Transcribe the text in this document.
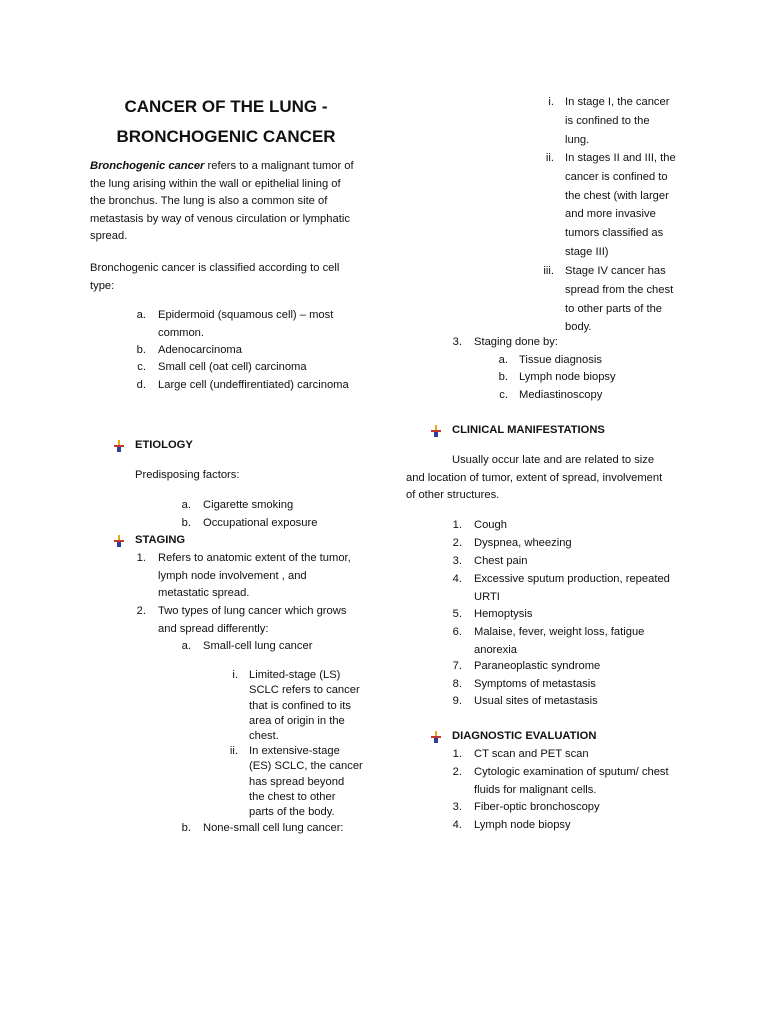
CANCER OF THE LUNG -
BRONCHOGENIC CANCER
Bronchogenic cancer refers to a malignant tumor of
the lung arising within the wall or epithelial lining of
the bronchus. The lung is also a common site of
metastasis by way of venous circulation or lymphatic
spread.
Bronchogenic cancer is classified according to cell
type:
a. Epidermoid (squamous cell) – most
common.
b. Adenocarcinoma
c. Small cell (oat cell) carcinoma
d. Large cell (undeffirentiated) carcinoma
ETIOLOGY
Predisposing factors:
a. Cigarette smoking
b. Occupational exposure
STAGING
1. Refers to anatomic extent of the tumor,
lymph node involvement , and
metastatic spread.
2. Two types of lung cancer which grows
and spread differently:
a. Small-cell lung cancer
i. Limited-stage (LS)
SCLC refers to cancer
that is confined to its
area of origin in the
chest.
ii. In extensive-stage
(ES) SCLC, the cancer
has spread beyond
the chest to other
parts of the body.
b. None-small cell lung cancer:
i. In stage I, the cancer
is confined to the
lung.
ii. In stages II and III, the
cancer is confined to
the chest (with larger
and more invasive
tumors classified as
stage III)
iii. Stage IV cancer has
spread from the chest
to other parts of the
body.
3. Staging done by:
a. Tissue diagnosis
b. Lymph node biopsy
c. Mediastinoscopy
CLINICAL MANIFESTATIONS
Usually occur late and are related to size
and location of tumor, extent of spread, involvement
of other structures.
1. Cough
2. Dyspnea, wheezing
3. Chest pain
4. Excessive sputum production, repeated
URTI
5. Hemoptysis
6. Malaise, fever, weight loss, fatigue
anorexia
7. Paraneoplastic syndrome
8. Symptoms of metastasis
9. Usual sites of metastasis
DIAGNOSTIC EVALUATION
1. CT scan and PET scan
2. Cytologic examination of sputum/ chest
fluids for malignant cells.
3. Fiber-optic bronchoscopy
4. Lymph node biopsy
